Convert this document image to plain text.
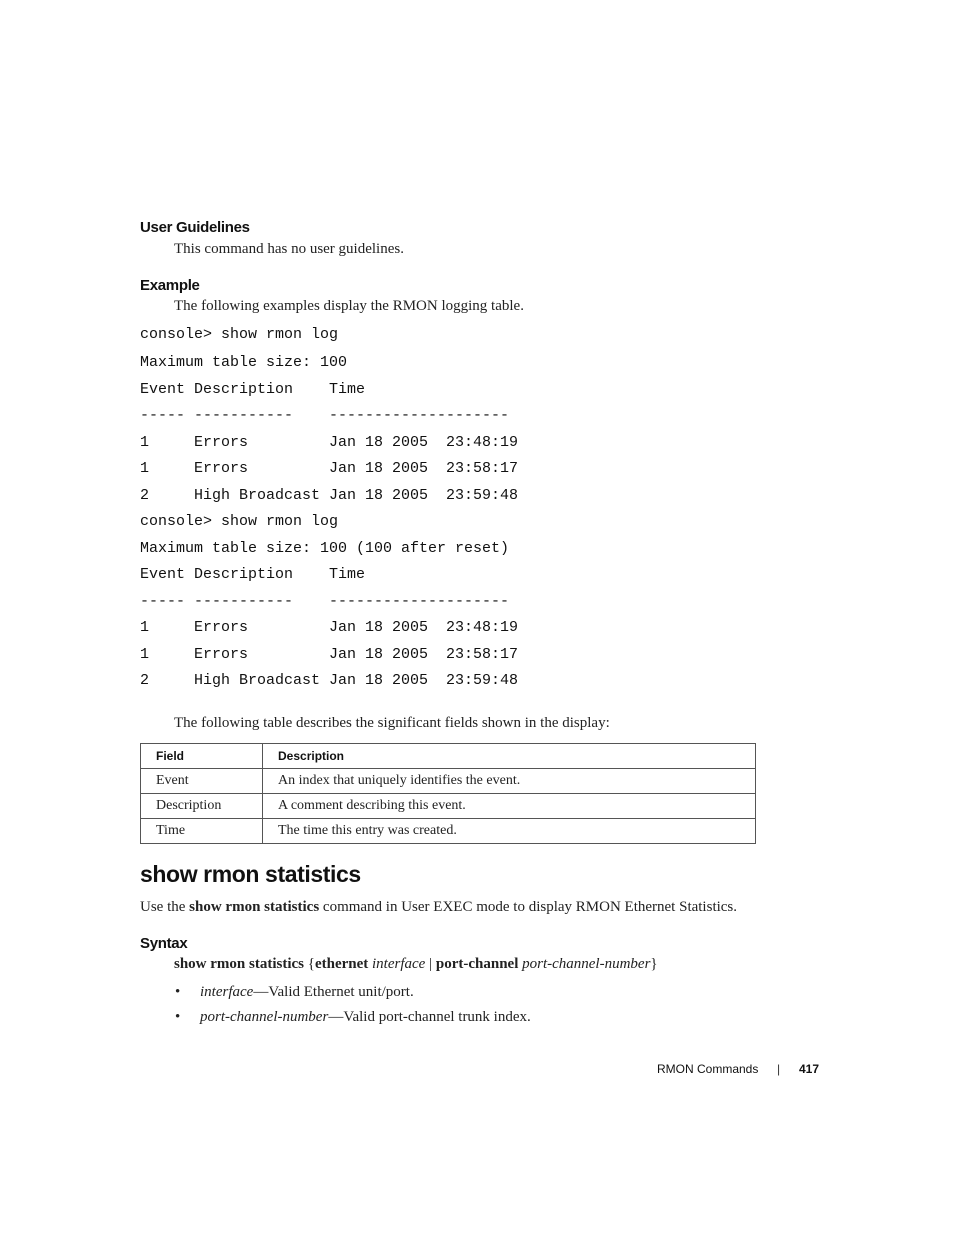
User Guidelines
This command has no user guidelines.
Example
The following examples display the RMON logging table.
console> show rmon log
Maximum table size: 100
Event Description    Time
----- -----------    --------------------
1     Errors         Jan 18 2005  23:48:19
1     Errors         Jan 18 2005  23:58:17
2     High Broadcast Jan 18 2005  23:59:48
console> show rmon log
Maximum table size: 100 (100 after reset)
Event Description    Time
----- -----------    --------------------
1     Errors         Jan 18 2005  23:48:19
1     Errors         Jan 18 2005  23:58:17
2     High Broadcast Jan 18 2005  23:59:48
The following table describes the significant fields shown in the display:
Field	Description
Event	An index that uniquely identifies the event.
Description	A comment describing this event.
Time	The time this entry was created.
show rmon statistics
Use the show rmon statistics command in User EXEC mode to display RMON Ethernet Statistics.
Syntax
show rmon statistics {ethernet interface | port-channel port-channel-number}
• interface—Valid Ethernet unit/port.
• port-channel-number—Valid port-channel trunk index.
RMON Commands | 417
